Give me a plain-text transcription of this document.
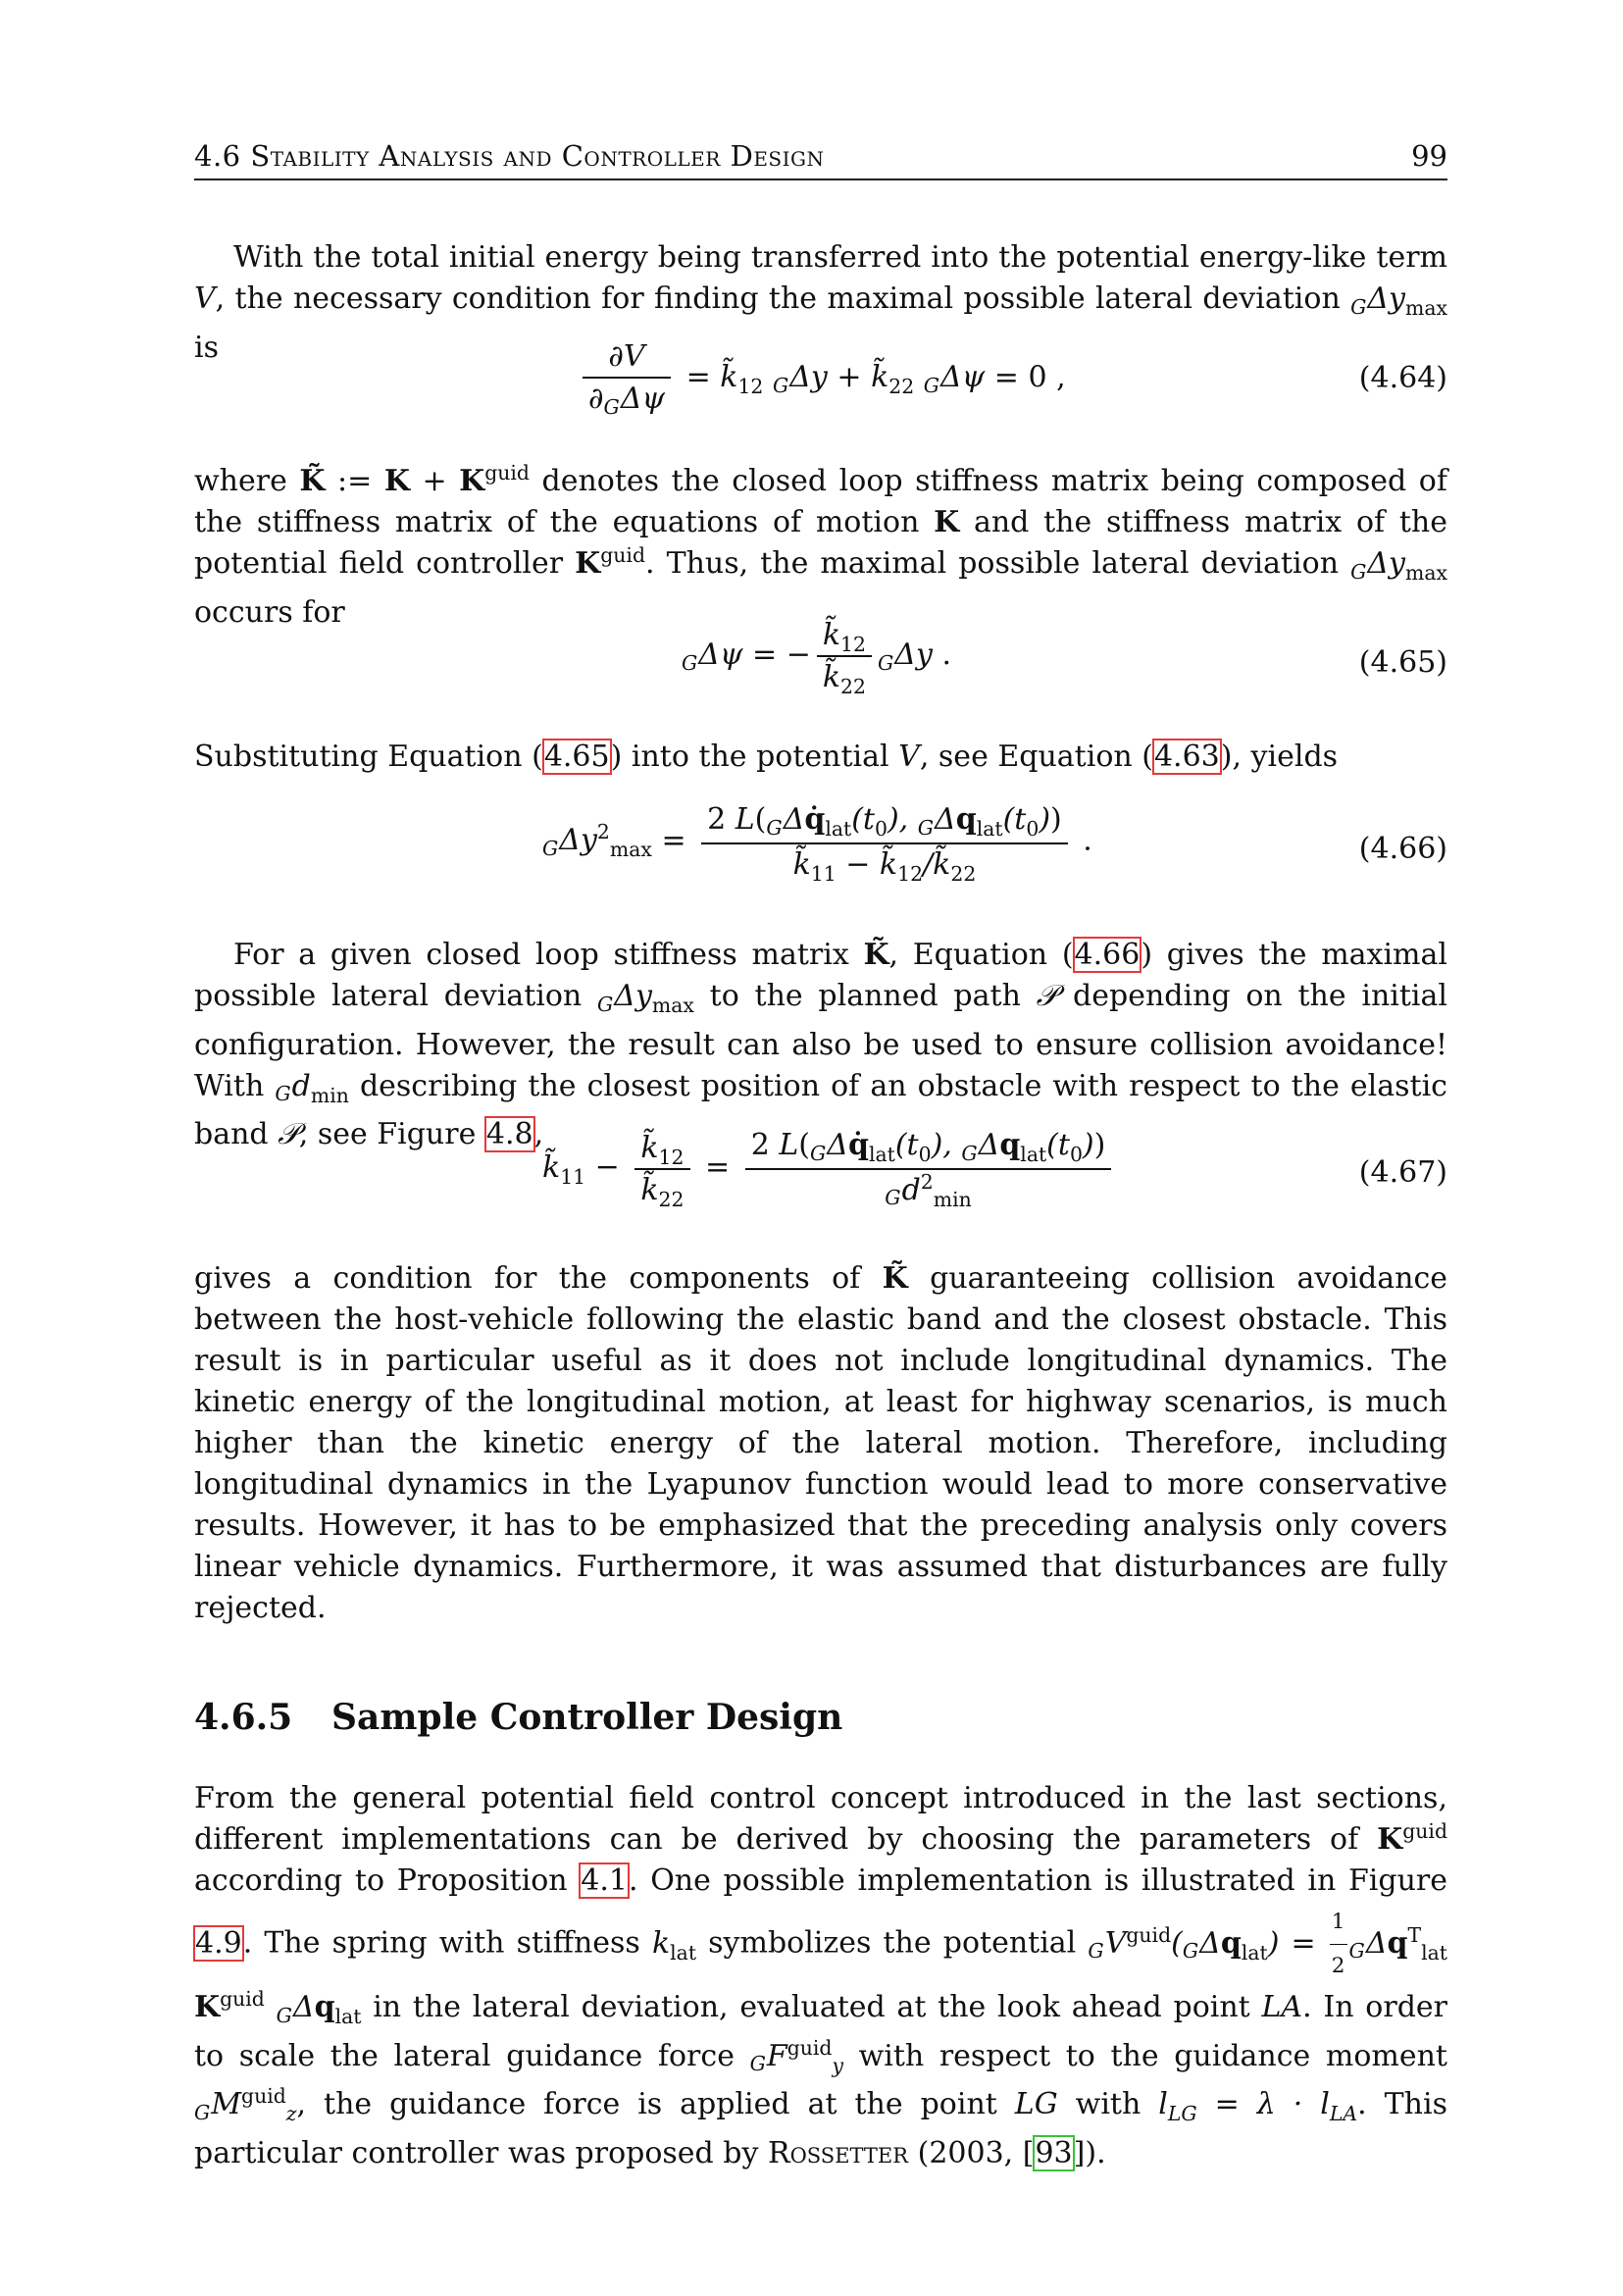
4.6 Stability Analysis and Controller Design	99

With the total initial energy being transferred into the potential energy-like term V, the necessary condition for finding the maximal possible lateral deviation GΔy$_{max}$ is	$\frac{\partial V}{\text{∂GΔψ}}$ = $k̃_{12}$ $G\Delta y + k̃_{22}$ GΔψ = 0 ,	(4.64)

where K̃ := $K + K^{guid}$ denotes the closed loop stiffness matrix being composed of the stiffness matrix of the equations of motion K and the stiffness matrix of the potential field controller $K^{guid}$. Thus, the maximal possible lateral deviation GΔy$_{max}$ occurs for

GΔψ = − $\frac{k̃_{12}}{k̃_{22}}$ GΔy .	(4.65)

Substituting Equation (4.65) into the potential V, see Equation (4.63), yields

$G\Delta y^2_{max} = \frac{2 L(G\Delta q̇_{lat}(t_0), G\Delta q_{lat}(t_0))}{k̃_{11} - k̃_{12}/k̃_{22}}$ .	(4.66)

For a given closed loop stiffness matrix K̃, Equation (4.66) gives the maximal possible lateral deviation GΔy$_{max}$ to the planned path 𝒫 depending on the initial configuration. However, the result can also be used to ensure collision avoidance! With $Gd_{min}$ describing the closest position of an obstacle with respect to the elastic band 𝒫, see Figure 4.8,

$k̃_{11} - \frac{k̃_{12}}{k̃_{22}} = \frac{2 L(G\Delta q̇_{lat}(t_0), G\Delta q_{lat}(t_0))}{Gd^2_{min}}$	(4.67)

gives a condition for the components of K̃ guaranteeing collision avoidance between the host-vehicle following the elastic band and the closest obstacle. This result is in particular useful as it does not include longitudinal dynamics. The kinetic energy of the longitudinal motion, at least for highway scenarios, is much higher than the kinetic energy of the lateral motion. Therefore, including longitudinal dynamics in the Lyapunov function would lead to more conservative results. However, it has to be emphasized that the preceding analysis only covers linear vehicle dynamics. Furthermore, it was assumed that disturbances are fully rejected.

4.6.5 Sample Controller Design

From the general potential field control concept introduced in the last sections, different implementations can be derived by choosing the parameters of $K^{guid}$ according to Proposition 4.1. One possible implementation is illustrated in Figure 4.9. The spring with stiffness $k_{lat}$ symbolizes the potential $GV^{guid}(G\Delta q_{lat}) = \frac{1}{2} G\Delta q^T_{lat}$ $K^{guid}$ GΔq$_{lat}$ in the lateral deviation, evaluated at the look ahead point LA. In order to scale the lateral guidance force $GF^{guid}_y$ with respect to the guidance moment $GM^{guid}_z$, the guidance force is applied at the point LG with $l_{LG} = \lambda \cdot l_{LA}$. This particular controller was proposed by Rossetter (2003, [93]).
